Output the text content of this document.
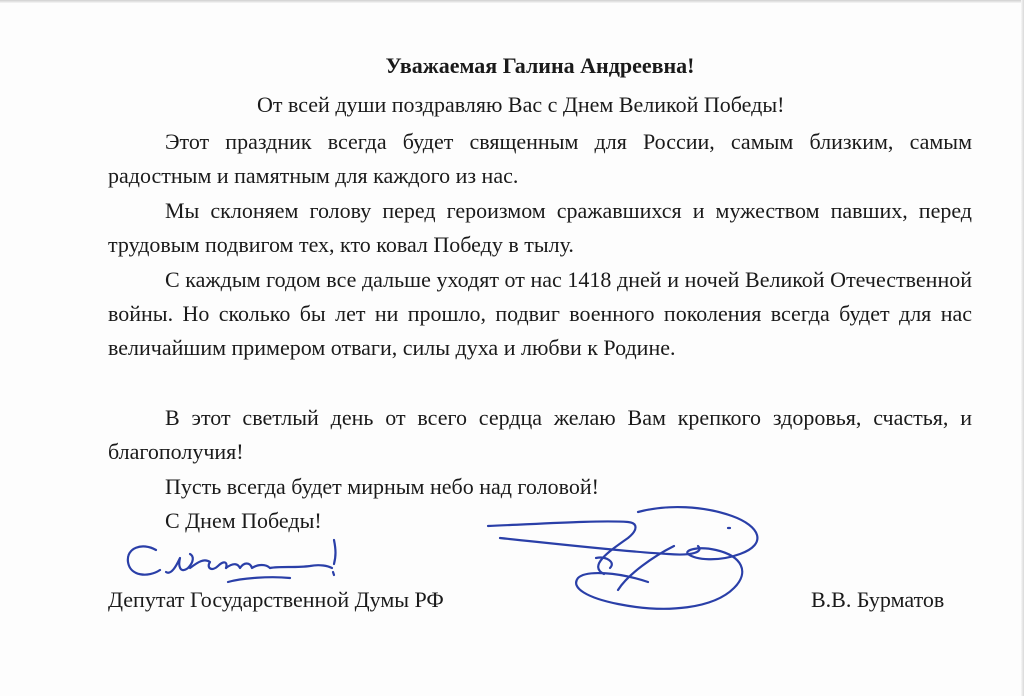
Уважаемая Галина Андреевна!

От всей души поздравляю Вас с Днем Великой Победы!

Этот праздник всегда будет священным для России, самым близким, самым радостным и памятным для каждого из нас.

Мы склоняем голову перед героизмом сражавшихся и мужеством павших, перед трудовым подвигом тех, кто ковал Победу в тылу.

С каждым годом все дальше уходят от нас 1418 дней и ночей Великой Отечественной войны. Но сколько бы лет ни прошло, подвиг военного поколения всегда будет для нас величайшим примером отваги, силы духа и любви к Родине.

В этот светлый день от всего сердца желаю Вам крепкого здоровья, счастья, и благополучия!

Пусть всегда будет мирным небо над головой!

С Днем Победы!

Депутат Государственной Думы РФ	В.В. Бурматов
